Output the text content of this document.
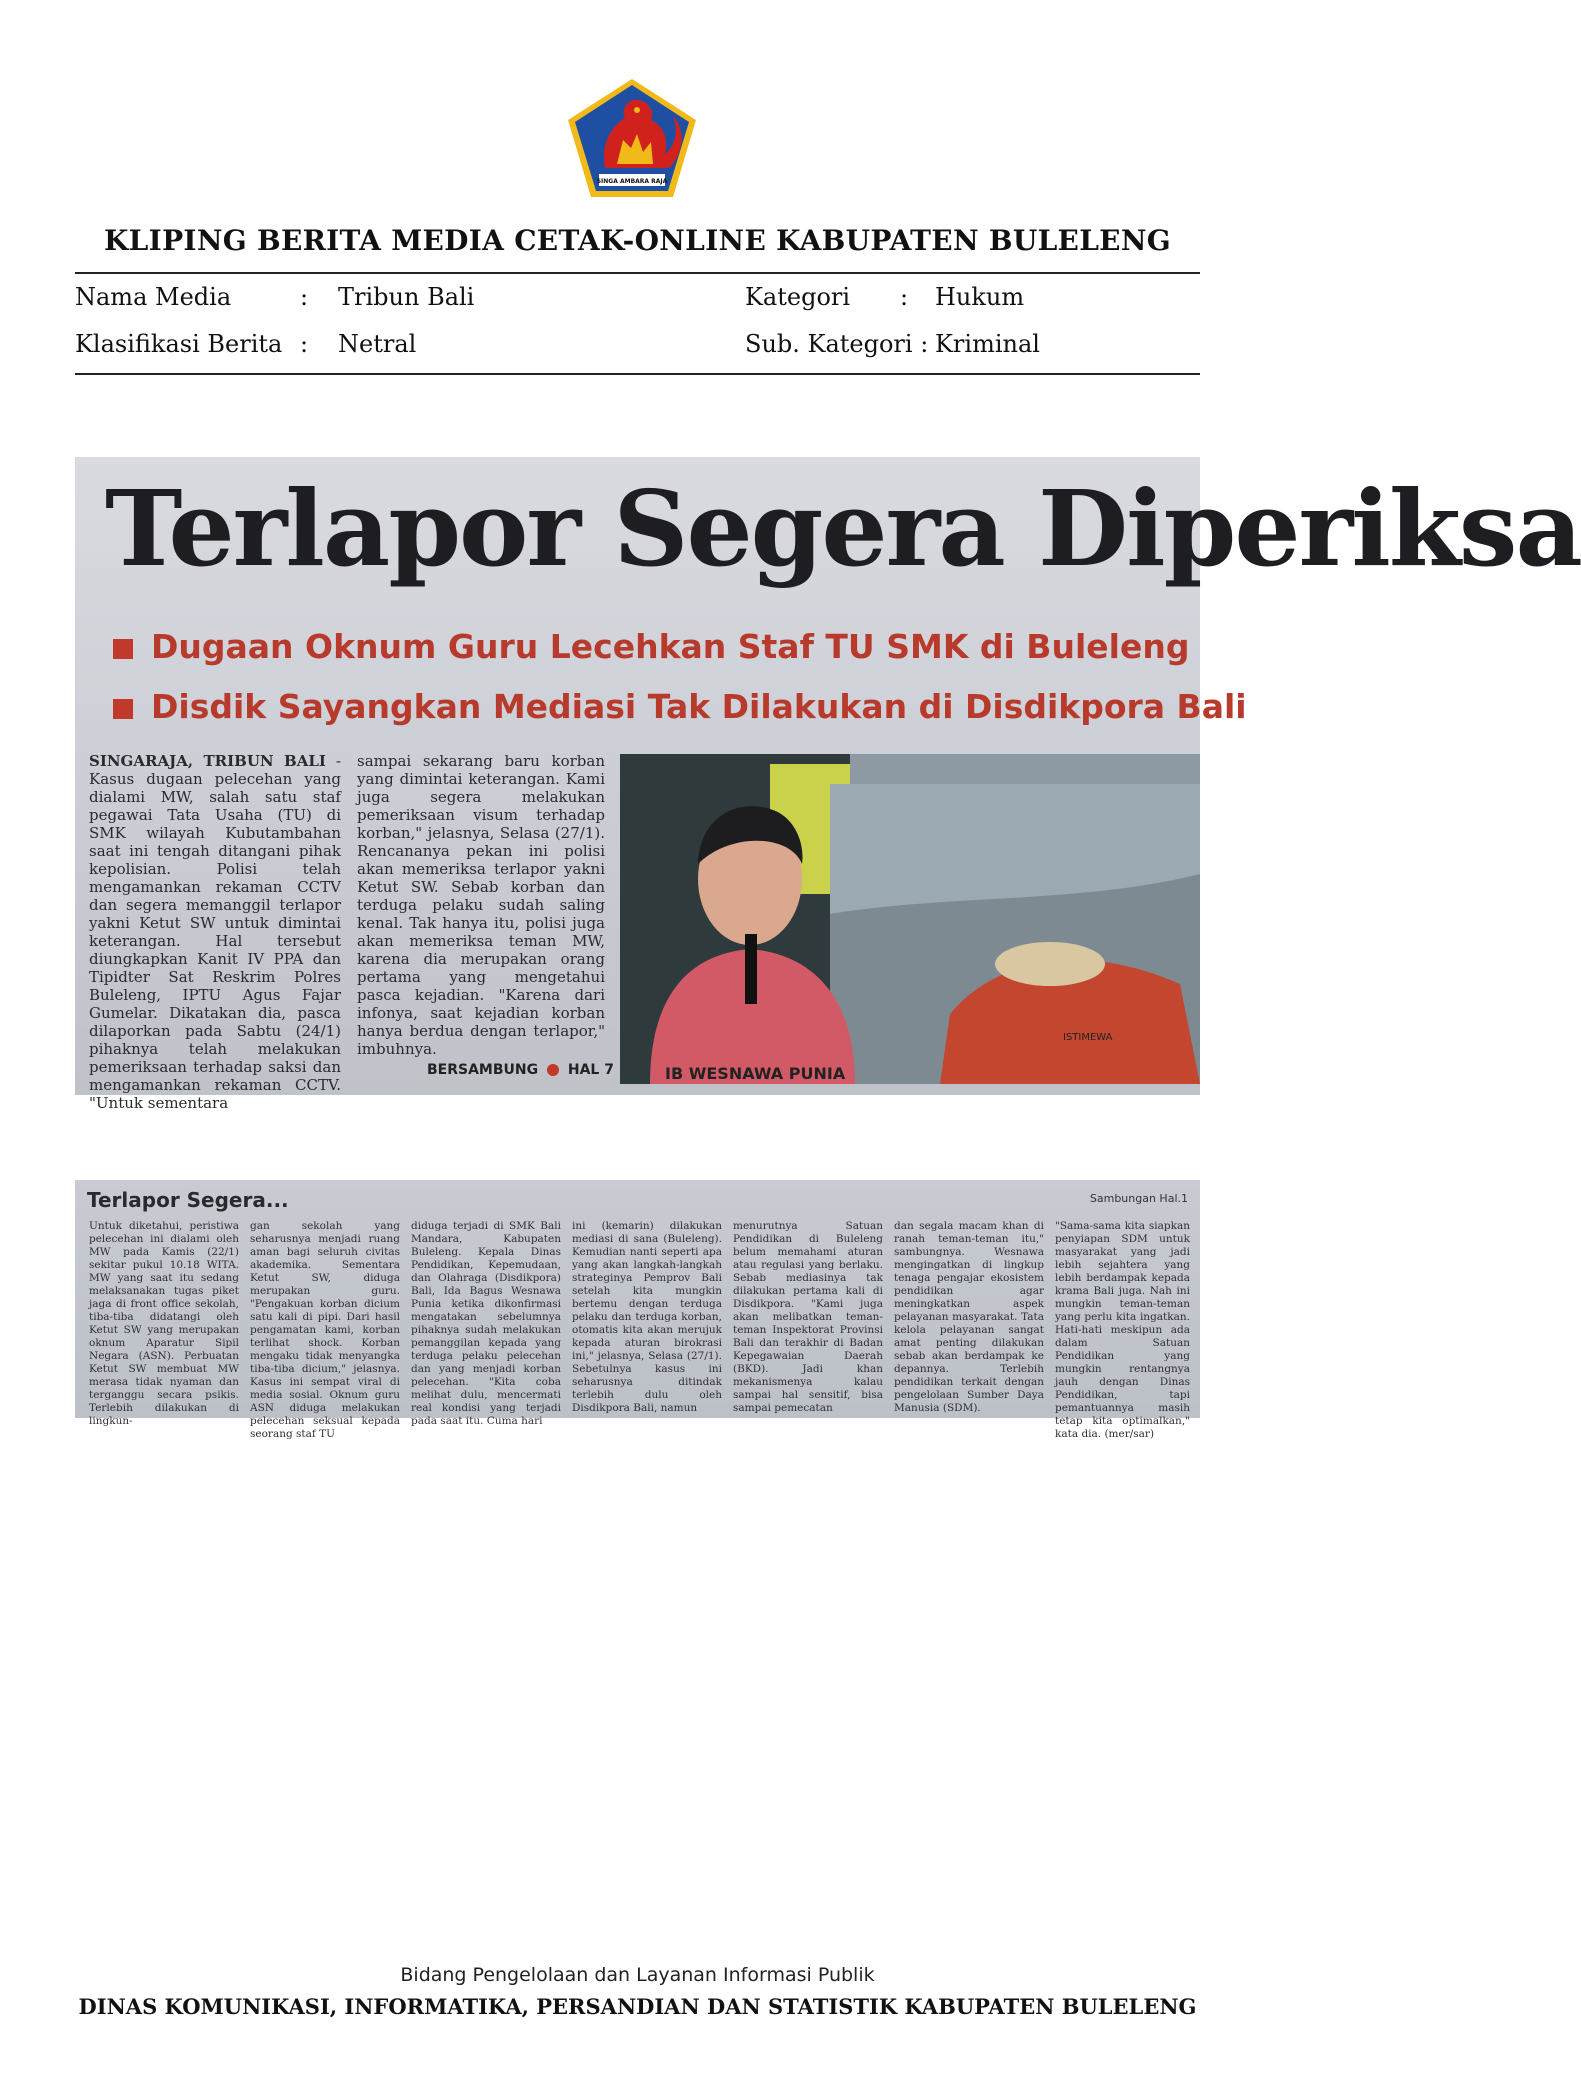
SINGA AMBARA RAJA
KLIPING BERITA MEDIA CETAK-ONLINE KABUPATEN BULELENG
Nama Media	: Tribun Bali	Kategori : Hukum
Klasifikasi Berita : Netral	Sub. Kategori : Kriminal
Terlapor Segera Diperiksa
Dugaan Oknum Guru Lecehkan Staf TU SMK di Buleleng
Disdik Sayangkan Mediasi Tak Dilakukan di Disdikpora Bali
SINGARAJA, TRIBUN BALI - Kasus dugaan pelecehan yang dialami MW, salah satu staf pegawai Tata Usaha (TU) di SMK wilayah Kubutambahan saat ini tengah ditangani pihak kepolisian. Polisi telah mengamankan rekaman CCTV dan segera memanggil terlapor yakni Ketut SW untuk dimintai keterangan. Hal tersebut diungkapkan Kanit IV PPA dan Tipidter Sat Reskrim Polres Buleleng, IPTU Agus Fajar Gumelar. Dikatakan dia, pasca dilaporkan pada Sabtu (24/1) pihaknya telah melakukan pemeriksaan terhadap saksi dan mengamankan rekaman CCTV. "Untuk sementara
sampai sekarang baru korban yang dimintai keterangan. Kami juga segera melakukan pemeriksaan visum terhadap korban," jelasnya, Selasa (27/1). Rencananya pekan ini polisi akan memeriksa terlapor yakni Ketut SW. Sebab korban dan terduga pelaku sudah saling kenal. Tak hanya itu, polisi juga akan memeriksa teman MW, karena dia merupakan orang pertama yang mengetahui pasca kejadian. "Karena dari infonya, saat kejadian korban hanya berdua dengan terlapor," imbuhnya.
BERSAMBUNG HAL 7
ISTIMEWA
IB WESNAWA PUNIA
Terlapor Segera...	Sambungan Hal.1
Untuk diketahui, peristiwa pelecehan ini dialami oleh MW pada Kamis (22/1) sekitar pukul 10.18 WITA. MW yang saat itu sedang melaksanakan tugas piket jaga di front office sekolah, tiba-tiba didatangi oleh Ketut SW yang merupakan oknum Aparatur Sipil Negara (ASN). Perbuatan Ketut SW membuat MW merasa tidak nyaman dan terganggu secara psikis. Terlebih dilakukan di lingkun-
gan sekolah yang seharusnya menjadi ruang aman bagi seluruh civitas akademika. Sementara Ketut SW, diduga merupakan guru. "Pengakuan korban dicium satu kali di pipi. Dari hasil pengamatan kami, korban terlihat shock. Korban mengaku tidak menyangka tiba-tiba dicium," jelasnya. Kasus ini sempat viral di media sosial. Oknum guru ASN diduga melakukan pelecehan seksual kepada seorang staf TU
diduga terjadi di SMK Bali Mandara, Kabupaten Buleleng. Kepala Dinas Pendidikan, Kepemudaan, dan Olahraga (Disdikpora) Bali, Ida Bagus Wesnawa Punia ketika dikonfirmasi mengatakan sebelumnya pihaknya sudah melakukan pemanggilan kepada yang terduga pelaku pelecehan dan yang menjadi korban pelecehan. "Kita coba melihat dulu, mencermati real kondisi yang terjadi pada saat itu. Cuma hari
ini (kemarin) dilakukan mediasi di sana (Buleleng). Kemudian nanti seperti apa yang akan langkah-langkah strateginya Pemprov Bali setelah kita mungkin bertemu dengan terduga pelaku dan terduga korban, otomatis kita akan merujuk kepada aturan birokrasi ini," jelasnya, Selasa (27/1). Sebetulnya kasus ini seharusnya ditindak terlebih dulu oleh Disdikpora Bali, namun
menurutnya Satuan Pendidikan di Buleleng belum memahami aturan atau regulasi yang berlaku. Sebab mediasinya tak dilakukan pertama kali di Disdikpora. "Kami juga akan melibatkan teman-teman Inspektorat Provinsi Bali dan terakhir di Badan Kepegawaian Daerah (BKD). Jadi khan mekanismenya kalau sampai hal sensitif, bisa sampai pemecatan
dan segala macam khan di ranah teman-teman itu," sambungnya. Wesnawa mengingatkan di lingkup tenaga pengajar ekosistem pendidikan agar meningkatkan aspek pelayanan masyarakat. Tata kelola pelayanan sangat amat penting dilakukan sebab akan berdampak ke depannya. Terlebih pendidikan terkait dengan pengelolaan Sumber Daya Manusia (SDM).
"Sama-sama kita siapkan penyiapan SDM untuk masyarakat yang jadi lebih sejahtera yang lebih berdampak kepada krama Bali juga. Nah ini mungkin teman-teman yang perlu kita ingatkan. Hati-hati meskipun ada dalam Satuan Pendidikan yang mungkin rentangnya jauh dengan Dinas Pendidikan, tapi pemantuannya masih tetap kita optimalkan," kata dia. (mer/sar)
Bidang Pengelolaan dan Layanan Informasi Publik
DINAS KOMUNIKASI, INFORMATIKA, PERSANDIAN DAN STATISTIK KABUPATEN BULELENG
